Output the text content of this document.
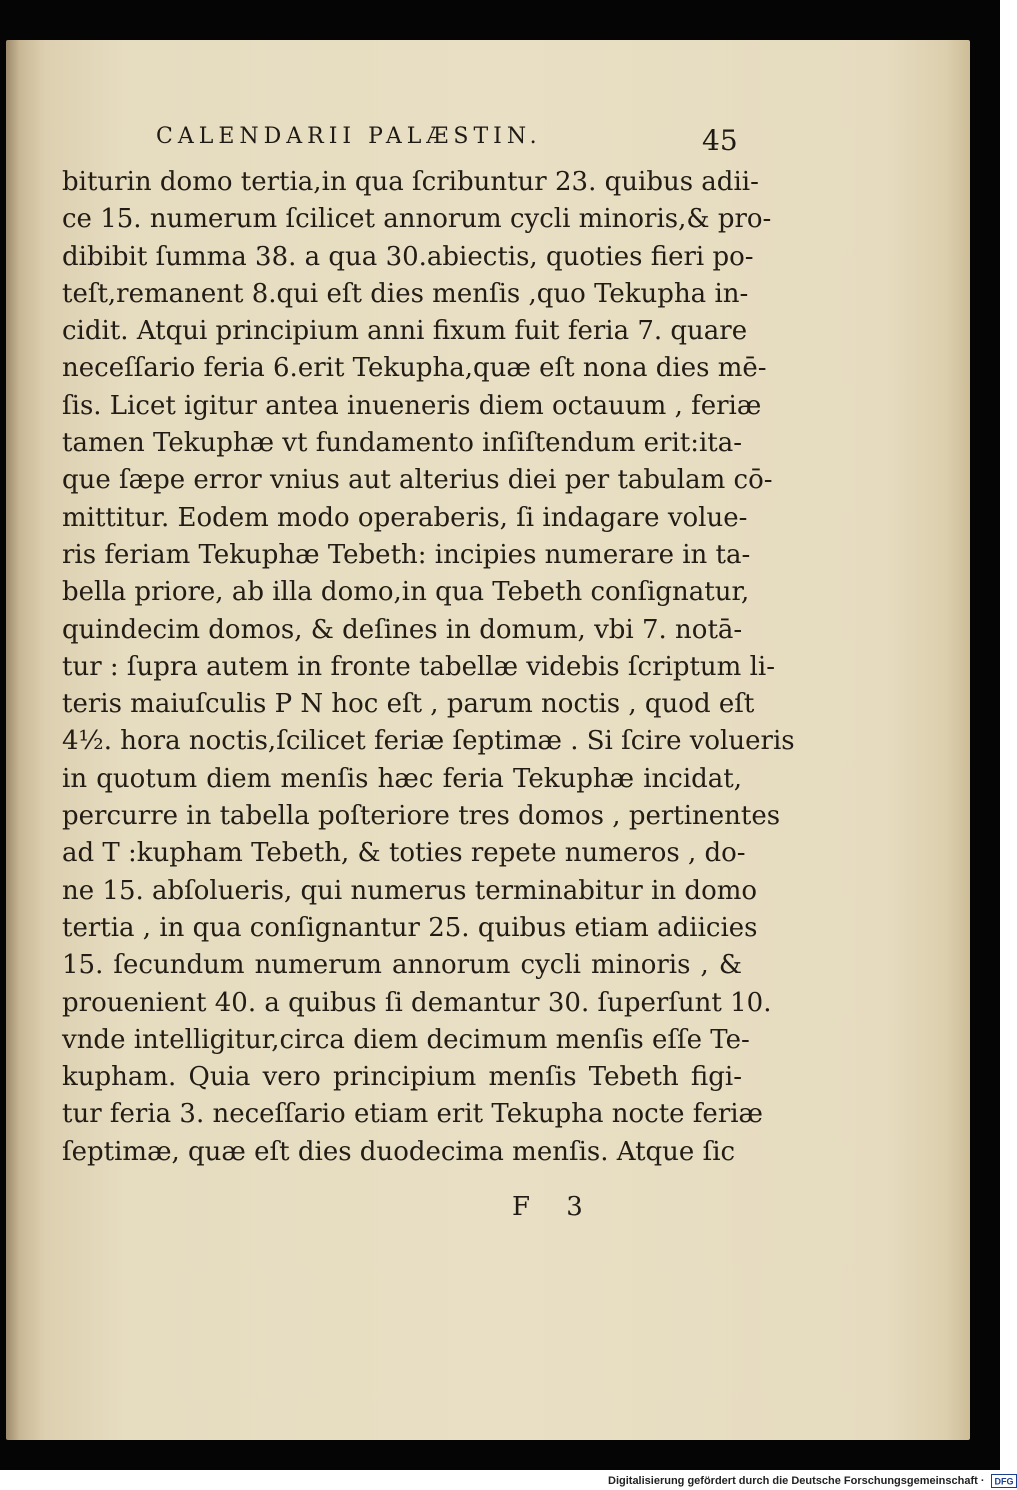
CALENDARII PALÆSTIN.	45
biturin domo tertia,in qua ſcribuntur 23. quibus adii-
ce 15. numerum ſcilicet annorum cycli minoris,& pro-
dibibit ſumma 38. a qua 30.abiectis, quoties fieri po-
teſt,remanent 8.qui eſt dies menſis ,quo Tekupha in-
cidit. Atqui principium anni fixum fuit feria 7. quare
neceſſario feria 6.erit Tekupha,quæ eſt nona dies mē-
ſis. Licet igitur antea inueneris diem octauum , feriæ
tamen Tekuphæ vt fundamento inſiſtendum erit:ita-
que ſæpe error vnius aut alterius diei per tabulam cō-
mittitur. Eodem modo operaberis, ſi indagare volue-
ris feriam Tekuphæ Tebeth: incipies numerare in ta-
bella priore, ab illa domo,in qua Tebeth conſignatur,
quindecim domos, & deſines in domum, vbi 7. notā-
tur : ſupra autem in fronte tabellæ videbis ſcriptum li-
teris maiuſculis P N hoc eſt , parum noctis , quod eſt
4½. hora noctis,ſcilicet feriæ ſeptimæ . Si ſcire volueris
in quotum diem menſis hæc feria Tekuphæ incidat,
percurre in tabella poſteriore tres domos , pertinentes
ad T :kupham Tebeth, & toties repete numeros , do-
ne 15. abſolueris, qui numerus terminabitur in domo
tertia , in qua conſignantur 25. quibus etiam adiicies
15. ſecundum numerum annorum cycli minoris , &
prouenient 40. a quibus ſi demantur 30. ſuperſunt 10.
vnde intelligitur,circa diem decimum menſis eſſe Te-
kupham. Quia vero principium menſis Tebeth figi-
tur feria 3. neceſſario etiam erit Tekupha nocte feriæ
ſeptimæ, quæ eſt dies duodecima menſis. Atque ſic
F 3
Digitalisierung gefördert durch die Deutsche Forschungsgemeinschaft · DFG
